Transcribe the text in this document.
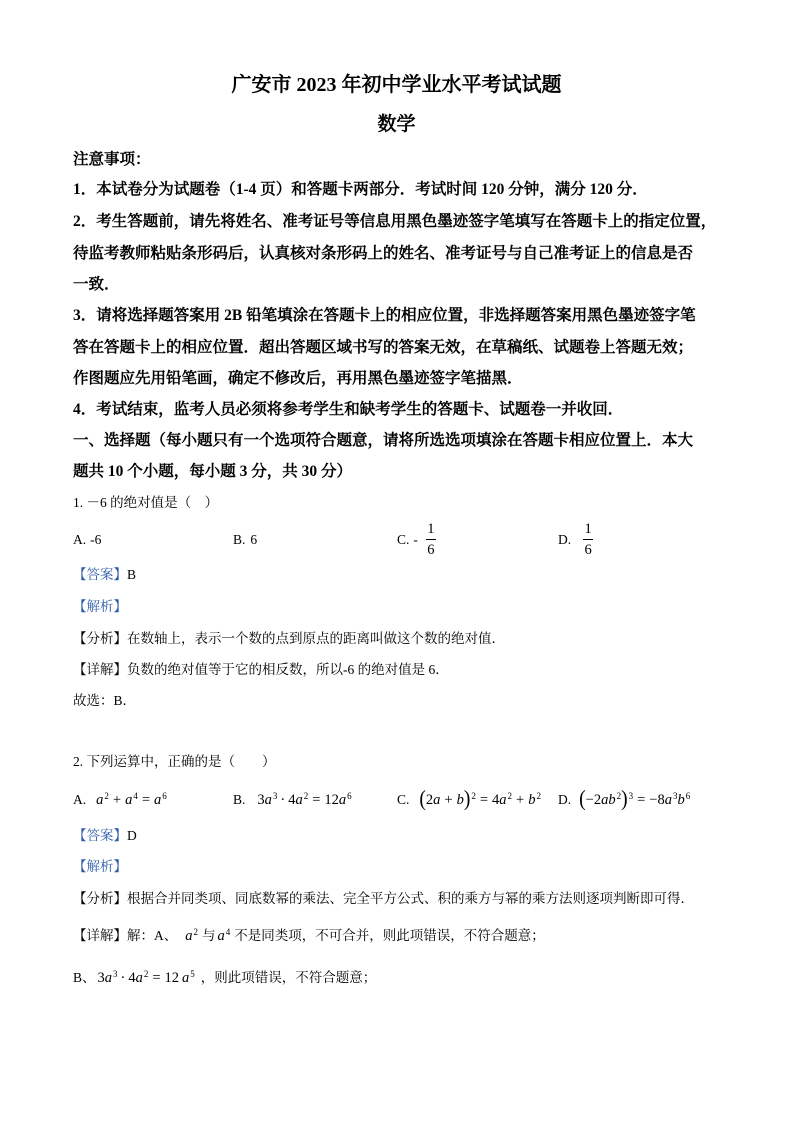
广安市 2023 年初中学业水平考试试题
数学
注意事项：
1．本试卷分为试题卷（1-4 页）和答题卡两部分．考试时间 120 分钟，满分 120 分．
2．考生答题前，请先将姓名、准考证号等信息用黑色墨迹签字笔填写在答题卡上的指定位置，
待监考教师粘贴条形码后，认真核对条形码上的姓名、准考证号与自己准考证上的信息是否
一致．
3．请将选择题答案用 2B 铅笔填涂在答题卡上的相应位置，非选择题答案用黑色墨迹签字笔
答在答题卡上的相应位置．超出答题区域书写的答案无效，在草稿纸、试题卷上答题无效；
作图题应先用铅笔画，确定不修改后，再用黑色墨迹签字笔描黑．
4．考试结束，监考人员必须将参考学生和缺考学生的答题卡、试题卷一并收回．
一、选择题（每小题只有一个选项符合题意，请将所选选项填涂在答题卡相应位置上．本大
题共 10 个小题，每小题 3 分，共 30 分）
1. －6 的绝对值是（　）
A. -6	B. 6	C. - $\frac{1}{6}$	D. $\frac{1}{6}$
【答案】B
【解析】
【分析】在数轴上，表示一个数的点到原点的距离叫做这个数的绝对值．
【详解】负数的绝对值等于它的相反数，所以-6 的绝对值是 6．
故选：B．
2. 下列运算中，正确的是（　　）
A. $a^2 + a^4 = a^6$	B. $3a^3 \cdot 4a^2 = 12a^6$	C. $(2a + b)^2 = 4a^2 + b^2$ D. $(-2ab^2)^3 = -8a^3b^6$
【答案】D
【解析】
【分析】根据合并同类项、同底数幂的乘法、完全平方公式、积的乘方与幂的乘方法则逐项判断即可得．
【详解】 解：A、 $a^2$ 与 $a^4$ 不是同类项，不可合并，则此项错误，不符合题意；
B、 $3a^3 \cdot 4a^2 = 12$ $a^5$ ，则此项错误，不符合题意；
